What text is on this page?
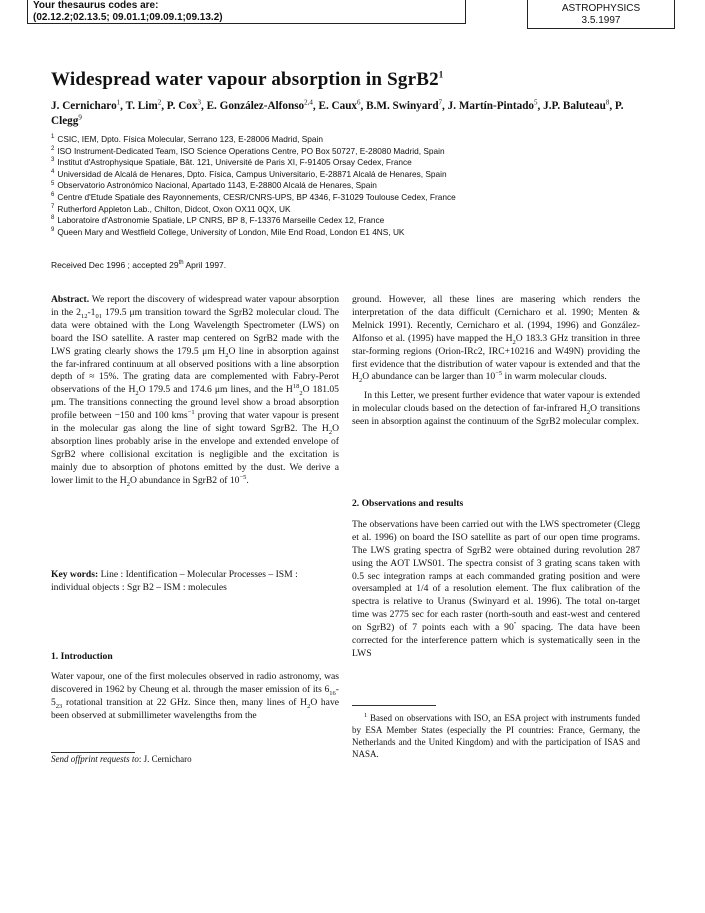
Your thesaurus codes are:
(02.12.2;02.13.5; 09.01.1;09.09.1;09.13.2)
ASTROPHYSICS
3.5.1997
Widespread water vapour absorption in $SgrB2^1$
J. Cernicharo$^1$, T. Lim$^2$, P. Cox$^3$, E. González-Alfonso$^{2,4}$, E. Caux$^6$, B.M. Swinyard$^7$, J. Martín-Pintado$^5$, J.P. Baluteau$^8$, P. Clegg$^9$
$^1$ CSIC, IEM, Dpto. Física Molecular, Serrano 123, E-28006 Madrid, Spain
$^2$ ISO Instrument-Dedicated Team, ISO Science Operations Centre, PO Box 50727, E-28080 Madrid, Spain
$^3$ Institut d'Astrophysique Spatiale, Bât. 121, Université de Paris XI, F-91405 Orsay Cedex, France
$^4$ Universidad de Alcalá de Henares, Dpto. Física, Campus Universitario, E-28871 Alcalá de Henares, Spain
$^5$ Observatorio Astronómico Nacional, Apartado 1143, E-28800 Alcalá de Henares, Spain
$^6$ Centre d'Etude Spatiale des Rayonnements, CESR/CNRS-UPS, BP 4346, F-31029 Toulouse Cedex, France
$^7$ Rutherford Appleton Lab., Chilton, Didcot, Oxon OX11 0QX, UK
$^8$ Laboratoire d'Astronomie Spatiale, LP CNRS, BP 8, F-13376 Marseille Cedex 12, France
$^9$ Queen Mary and Westfield College, University of London, Mile End Road, London E1 4NS, UK
Received Dec 1996 ; accepted 29th April 1997.

Abstract. We report the discovery of widespread water vapour absorption in the $2_{12}-1_{01}$ 179.5 μm transition toward the SgrB2 molecular cloud. The data were obtained with the Long Wavelength Spectrometer (LWS) on board the ISO satellite. A raster map centered on SgrB2 made with the LWS grating clearly shows the 179.5 μm $H_2O$ line in absorption against the far-infrared continuum at all observed positions with a line absorption depth of ≈ 15%. The grating data are complemented with Fabry-Perot observations of the $H_2O$ 179.5 and 174.6 μm lines, and the $H^{18}_2O$ 181.05 μm. The transitions connecting the ground level show a broad absorption profile between −150 and 100 kms$^{-1}$ proving that water vapour is present in the molecular gas along the line of sight toward SgrB2. The $H_2O$ absorption lines probably arise in the envelope and extended envelope of SgrB2 where collisional excitation is negligible and the excitation is mainly due to absorption of photons emitted by the dust. We derive a lower limit to the $H_2O$ abundance in SgrB2 of $10^{-5}$.

Key words: Line : Identification – Molecular Processes – ISM : individual objects : Sgr B2 – ISM : molecules

1. Introduction

Water vapour, one of the first molecules observed in radio astronomy, was discovered in 1962 by Cheung et al. through the maser emission of its $6_{16}-5_{23}$ rotational transition at 22 GHz. Since then, many lines of $H_2O$ have been observed at submillimeter wavelengths from the

Send offprint requests to: J. Cernicharo

ground. However, all these lines are masering which renders the interpretation of the data difficult (Cernicharo et al. 1990; Menten & Melnick 1991). Recently, Cernicharo et al. (1994, 1996) and González-Alfonso et al. (1995) have mapped the $H_2O$ 183.3 GHz transition in three star-forming regions (Orion-IRc2, IRC+10216 and W49N) providing the first evidence that the distribution of water vapour is extended and that the $H_2O$ abundance can be larger than $10^{-5}$ in warm molecular clouds.

In this Letter, we present further evidence that water vapour is extended in molecular clouds based on the detection of far-infrared $H_2O$ transitions seen in absorption against the continuum of the SgrB2 molecular complex.

2. Observations and results

The observations have been carried out with the LWS spectrometer (Clegg et al. 1996) on board the ISO satellite as part of our open time programs. The LWS grating spectra of SgrB2 were obtained during revolution 287 using the AOT LWS01. The spectra consist of 3 grating scans taken with 0.5 sec integration ramps at each commanded grating position and were oversampled at 1/4 of a resolution element. The flux calibration of the spectra is relative to Uranus (Swinyard et al. 1996). The total on-target time was 2775 sec for each raster (north-south and east-west and centered on SgrB2) of 7 points each with a 90″ spacing. The data have been corrected for the interference pattern which is systematically seen in the LWS

$^1$ Based on observations with ISO, an ESA project with instruments funded by ESA Member States (especially the PI countries: France, Germany, the Netherlands and the United Kingdom) and with the participation of ISAS and NASA.
